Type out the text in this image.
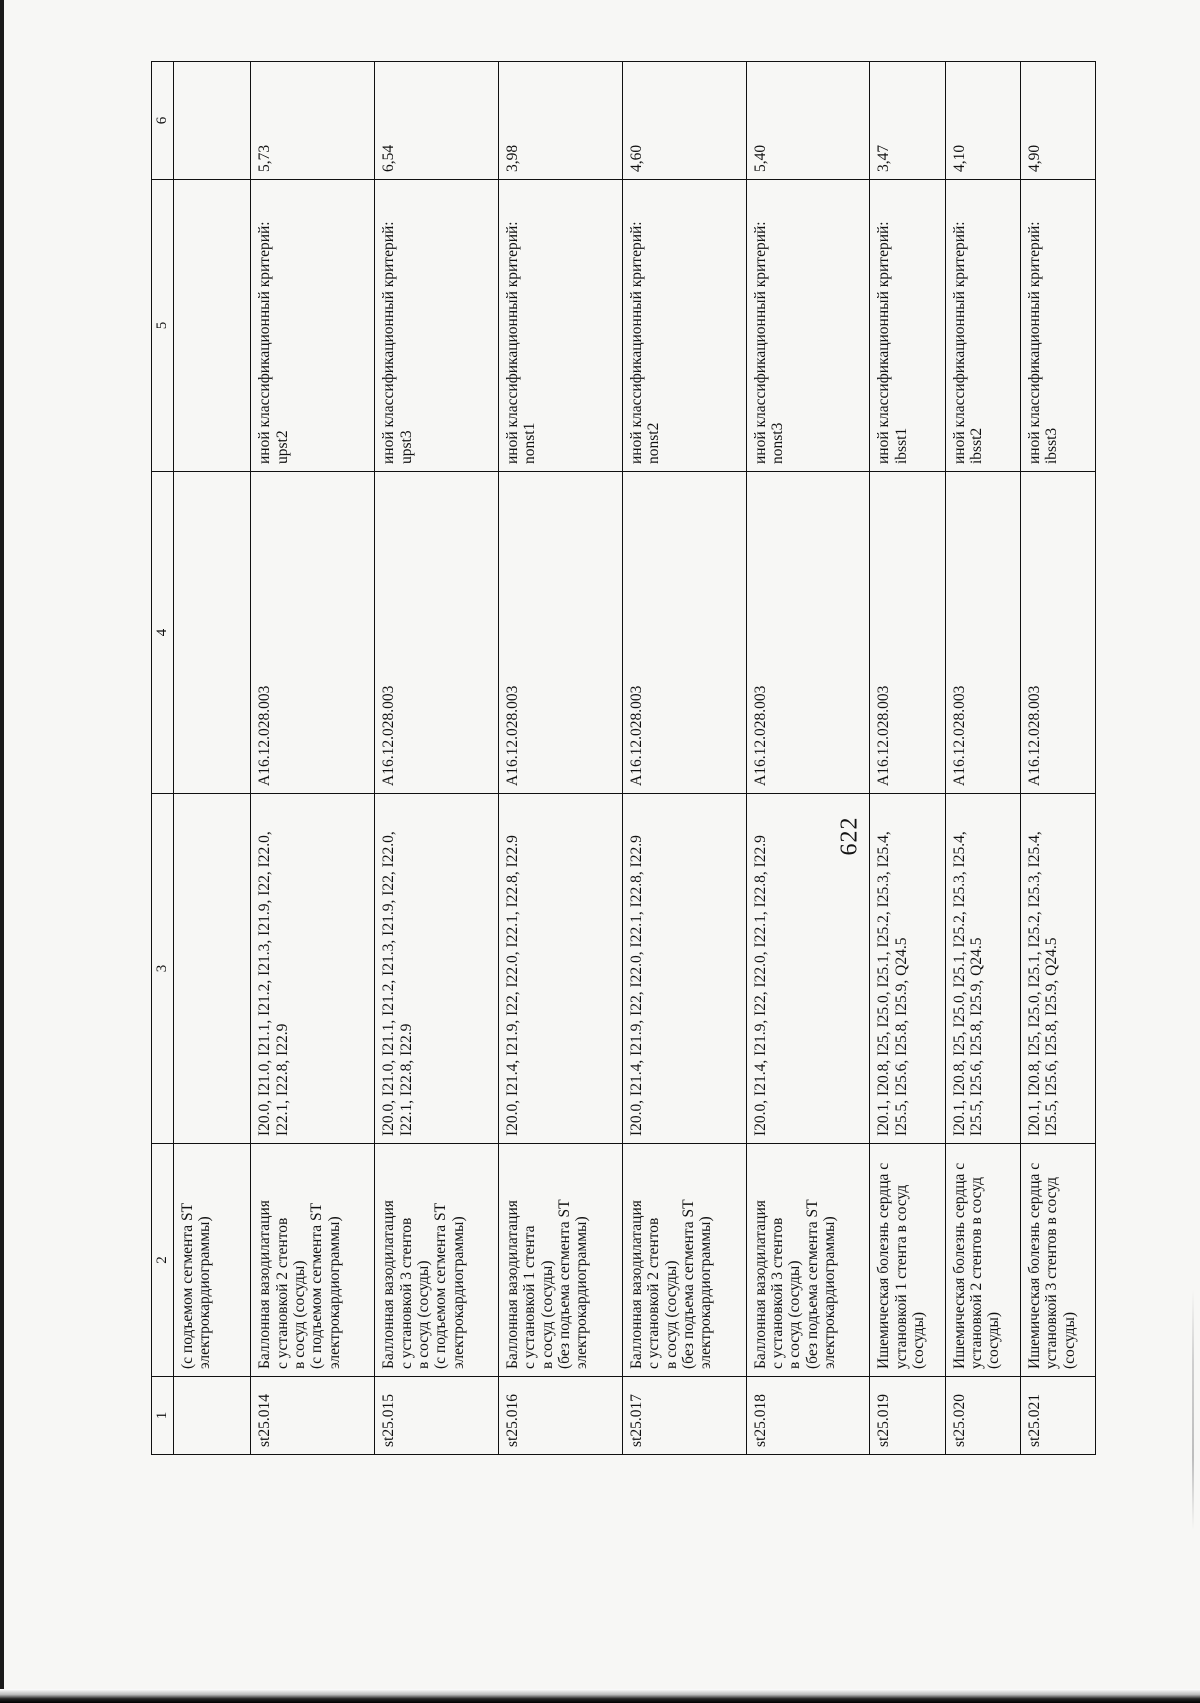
622
1	2	3	4	5	6
	(с подъемом сегмента ST
электрокардиограммы)				
st25.014	Баллонная вазодилатация
с установкой 2 стентов
в сосуд (сосуды)
(с подъемом сегмента ST
электрокардиограммы)	I20.0, I21.0, I21.1, I21.2, I21.3, I21.9, I22, I22.0, I22.1, I22.8, I22.9	A16.12.028.003	иной классификационный критерий: upst2	5,73
st25.015	Баллонная вазодилатация
с установкой 3 стентов
в сосуд (сосуды)
(с подъемом сегмента ST
электрокардиограммы)	I20.0, I21.0, I21.1, I21.2, I21.3, I21.9, I22, I22.0, I22.1, I22.8, I22.9	A16.12.028.003	иной классификационный критерий: upst3	6,54
st25.016	Баллонная вазодилатация
с установкой 1 стента
в сосуд (сосуды)
(без подъема сегмента ST
электрокардиограммы)	I20.0, I21.4, I21.9, I22, I22.0, I22.1, I22.8, I22.9	A16.12.028.003	иной классификационный критерий: nonst1	3,98
st25.017	Баллонная вазодилатация
с установкой 2 стентов
в сосуд (сосуды)
(без подъема сегмента ST
электрокардиограммы)	I20.0, I21.4, I21.9, I22, I22.0, I22.1, I22.8, I22.9	A16.12.028.003	иной классификационный критерий: nonst2	4,60
st25.018	Баллонная вазодилатация
с установкой 3 стентов
в сосуд (сосуды)
(без подъема сегмента ST
электрокардиограммы)	I20.0, I21.4, I21.9, I22, I22.0, I22.1, I22.8, I22.9	A16.12.028.003	иной классификационный критерий: nonst3	5,40
st25.019	Ишемическая болезнь сердца с установкой 1 стента в сосуд (сосуды)	I20.1, I20.8, I25, I25.0, I25.1, I25.2, I25.3, I25.4, I25.5, I25.6, I25.8, I25.9, Q24.5	A16.12.028.003	иной классификационный критерий: ibsst1	3,47
st25.020	Ишемическая болезнь сердца с установкой 2 стентов в сосуд (сосуды)	I20.1, I20.8, I25, I25.0, I25.1, I25.2, I25.3, I25.4, I25.5, I25.6, I25.8, I25.9, Q24.5	A16.12.028.003	иной классификационный критерий: ibsst2	4,10
st25.021	Ишемическая болезнь сердца с установкой 3 стентов в сосуд (сосуды)	I20.1, I20.8, I25, I25.0, I25.1, I25.2, I25.3, I25.4, I25.5, I25.6, I25.8, I25.9, Q24.5	A16.12.028.003	иной классификационный критерий: ibsst3	4,90
